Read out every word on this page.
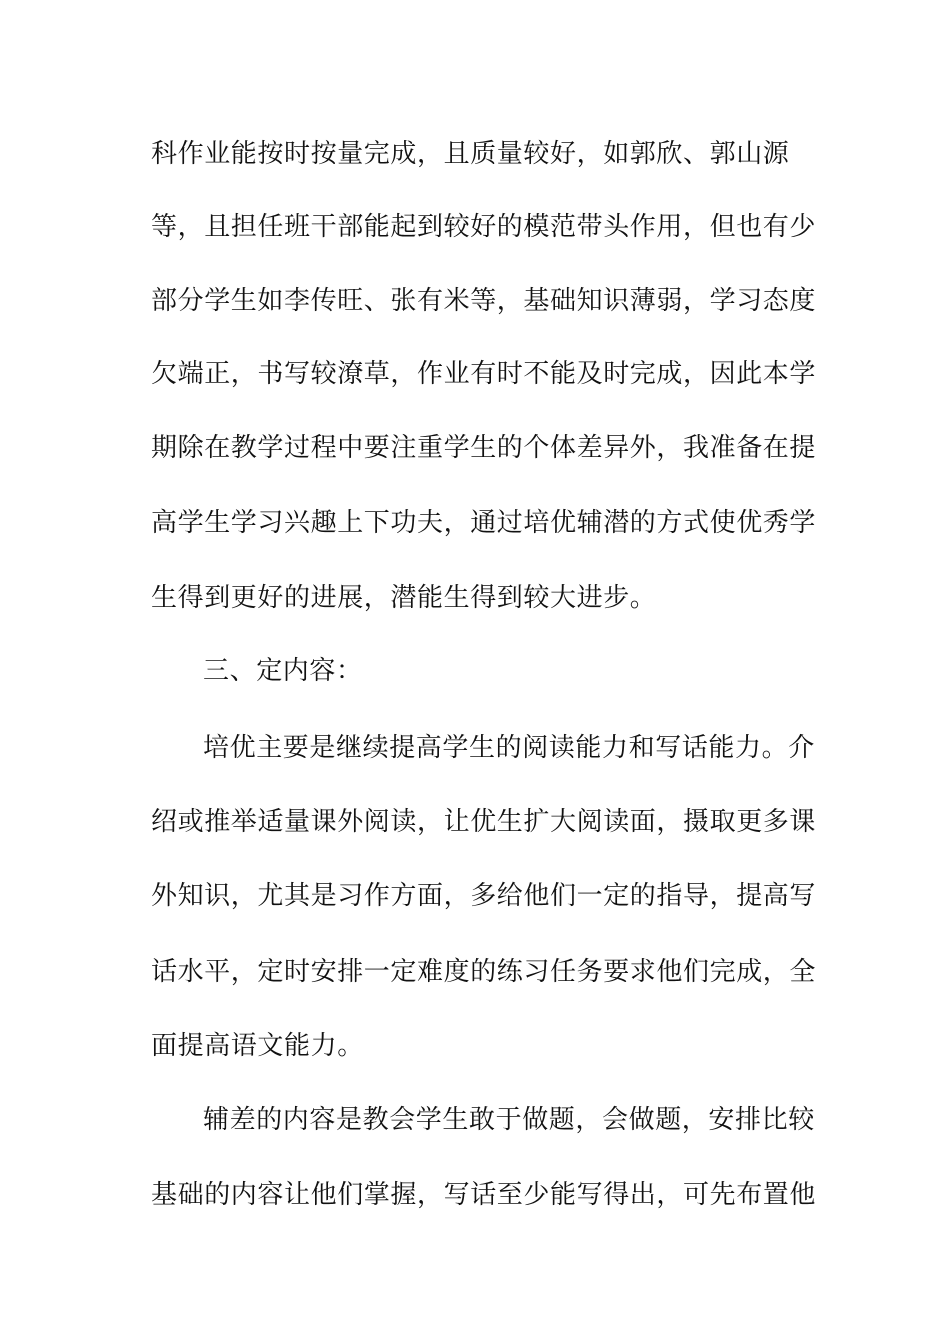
科作业能按时按量完成，且质量较好，如郭欣、郭山源
等，且担任班干部能起到较好的模范带头作用，但也有少
部分学生如李传旺、张有米等，基础知识薄弱，学习态度
欠端正，书写较潦草，作业有时不能及时完成，因此本学
期除在教学过程中要注重学生的个体差异外，我准备在提
高学生学习兴趣上下功夫，通过培优辅潜的方式使优秀学
生得到更好的进展，潜能生得到较大进步。
三、定内容：
培优主要是继续提高学生的阅读能力和写话能力。介
绍或推举适量课外阅读，让优生扩大阅读面，摄取更多课
外知识，尤其是习作方面，多给他们一定的指导，提高写
话水平，定时安排一定难度的练习任务要求他们完成，全
面提高语文能力。
辅差的内容是教会学生敢于做题，会做题，安排比较
基础的内容让他们掌握，写话至少能写得出，可先布置他
